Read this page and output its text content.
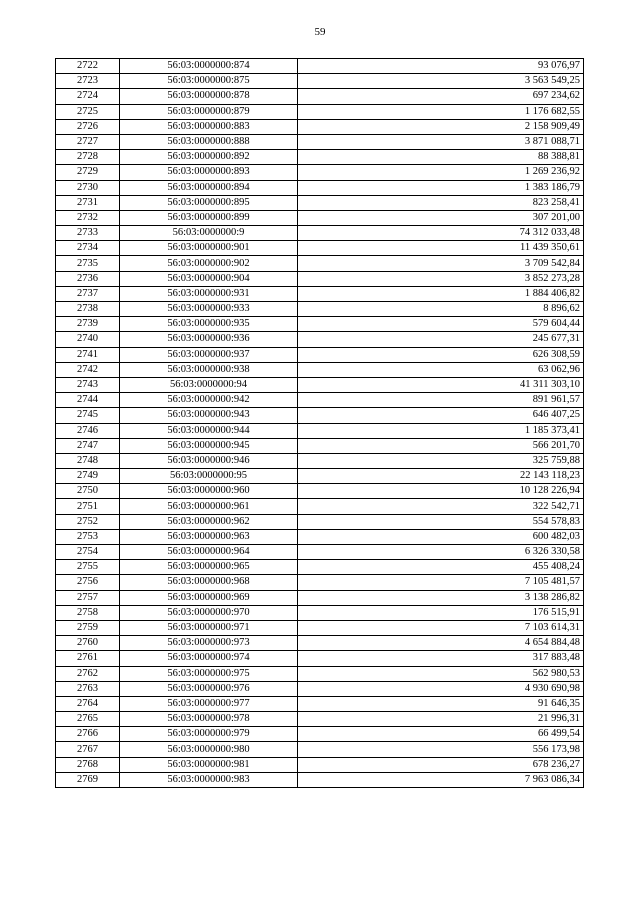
59
2722	56:03:0000000:874	93 076,97
2723	56:03:0000000:875	3 563 549,25
2724	56:03:0000000:878	697 234,62
2725	56:03:0000000:879	1 176 682,55
2726	56:03:0000000:883	2 158 909,49
2727	56:03:0000000:888	3 871 088,71
2728	56:03:0000000:892	88 388,81
2729	56:03:0000000:893	1 269 236,92
2730	56:03:0000000:894	1 383 186,79
2731	56:03:0000000:895	823 258,41
2732	56:03:0000000:899	307 201,00
2733	56:03:0000000:9	74 312 033,48
2734	56:03:0000000:901	11 439 350,61
2735	56:03:0000000:902	3 709 542,84
2736	56:03:0000000:904	3 852 273,28
2737	56:03:0000000:931	1 884 406,82
2738	56:03:0000000:933	8 896,62
2739	56:03:0000000:935	579 604,44
2740	56:03:0000000:936	245 677,31
2741	56:03:0000000:937	626 308,59
2742	56:03:0000000:938	63 062,96
2743	56:03:0000000:94	41 311 303,10
2744	56:03:0000000:942	891 961,57
2745	56:03:0000000:943	646 407,25
2746	56:03:0000000:944	1 185 373,41
2747	56:03:0000000:945	566 201,70
2748	56:03:0000000:946	325 759,88
2749	56:03:0000000:95	22 143 118,23
2750	56:03:0000000:960	10 128 226,94
2751	56:03:0000000:961	322 542,71
2752	56:03:0000000:962	554 578,83
2753	56:03:0000000:963	600 482,03
2754	56:03:0000000:964	6 326 330,58
2755	56:03:0000000:965	455 408,24
2756	56:03:0000000:968	7 105 481,57
2757	56:03:0000000:969	3 138 286,82
2758	56:03:0000000:970	176 515,91
2759	56:03:0000000:971	7 103 614,31
2760	56:03:0000000:973	4 654 884,48
2761	56:03:0000000:974	317 883,48
2762	56:03:0000000:975	562 980,53
2763	56:03:0000000:976	4 930 690,98
2764	56:03:0000000:977	91 646,35
2765	56:03:0000000:978	21 996,31
2766	56:03:0000000:979	66 499,54
2767	56:03:0000000:980	556 173,98
2768	56:03:0000000:981	678 236,27
2769	56:03:0000000:983	7 963 086,34
